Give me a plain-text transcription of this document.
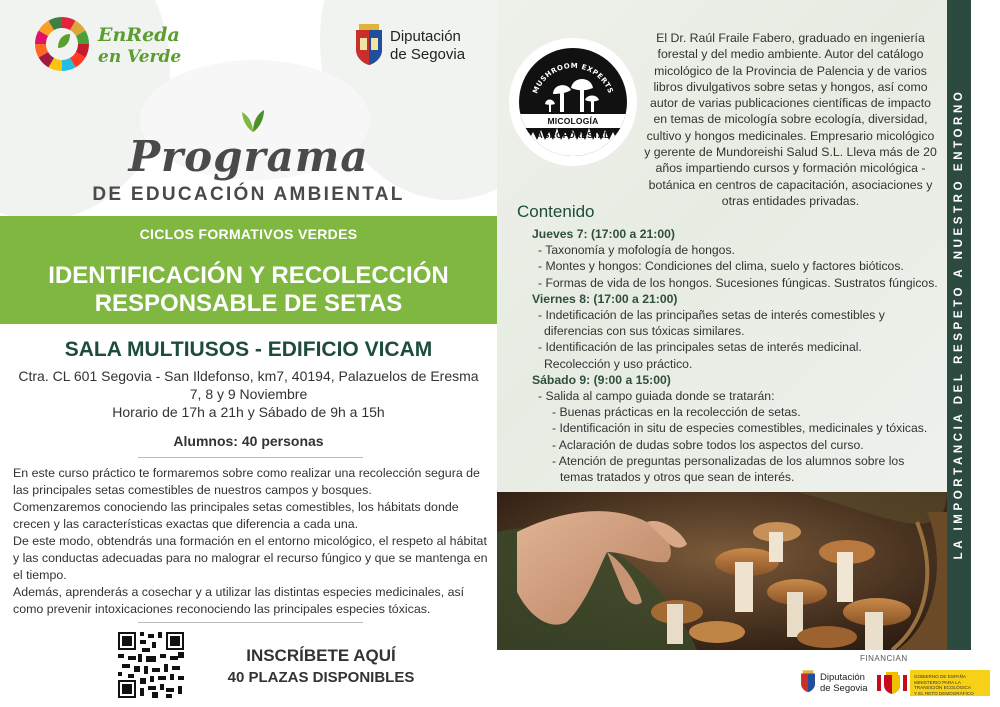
EnReda
en Verde
Diputación
de Segovia
Programa
DE EDUCACIÓN AMBIENTAL
CICLOS FORMATIVOS VERDES
IDENTIFICACIÓN Y RECOLECCIÓN
RESPONSABLE DE SETAS
SALA MULTIUSOS - EDIFICIO VICAM
Ctra. CL 601 Segovia - San Ildefonso, km7, 40194, Palazuelos de Eresma
7, 8 y 9 Noviembre
Horario de 17h a 21h y Sábado de 9h a 15h
Alumnos: 40 personas

En este curso práctico te formaremos sobre como realizar una recolección segura de las principales setas comestibles de nuestros campos y bosques.

Comenzaremos conociendo las principales setas comestibles, los hábitats donde crecen y las características exactas que diferencia a cada una.

De este modo, obtendrás una formación en el entorno micológico, el respeto al hábitat y las conductas adecuadas para no malograr el recurso fúngico y que se mantenga en el tiempo.

Además, aprenderás a cosechar y a utilizar las distintas especies medicinales, así como prevenir intoxicaciones reconociendo las principales especies tóxicas.

INSCRÍBETE AQUÍ
40 PLAZAS DISPONIBLES
MUSHROOM EXPERTS
MICOLOGÍA AGROFORESTAL
El Dr. Raúl Fraile Fabero, graduado en ingeniería forestal y del medio ambiente. Autor del catálogo micológico de la Provincia de Palencia y de varios libros divulgativos sobre setas y hongos, así como autor de varias publicaciones científicas de impacto en temas de micología sobre ecología, diversidad, cultivo y hongos medicinales. Empresario micológico y gerente de Mundoreishi Salud S.L. Lleva más de 20 años impartiendo cursos y formación micológica - botánica en centros de capacitación, asociaciones y otras entidades privadas.
Contenido
Jueves 7: (17:00 a 21:00)
- Taxonomía y mofología de hongos.
- Montes y hongos: Condiciones del clima, suelo y factores bióticos.
- Formas de vida de los hongos. Sucesiones fúngicas. Sustratos fúngicos.
Viernes 8: (17:00 a 21:00)
- Indetificación de las principañes setas de interés comestibles y
diferencias con sus tóxicas similares.
- Identificación de las principales setas de interés medicinal.
Recolección y uso práctico.
Sábado 9: (9:00 a 15:00)
- Salida al campo guiada donde se tratarán:
- Buenas prácticas en la recolección de setas.
- Identificación in situ de especies comestibles, medicinales y tóxicas.
- Aclaración de dudas sobre todos los aspectos del curso.
- Atención de preguntas personalizadas de los alumnos sobre los
temas tratados y otros que sean de interés.	LA IMPORTANCIA DEL RESPETO A NUESTRO ENTORNO
FINANCIAN
Diputación
de Segovia
GOBIERNO DE ESPAÑA
MINISTERIO PARA LA TRANSICIÓN ECOLÓGICA
Y EL RETO DEMOGRÁFICO
